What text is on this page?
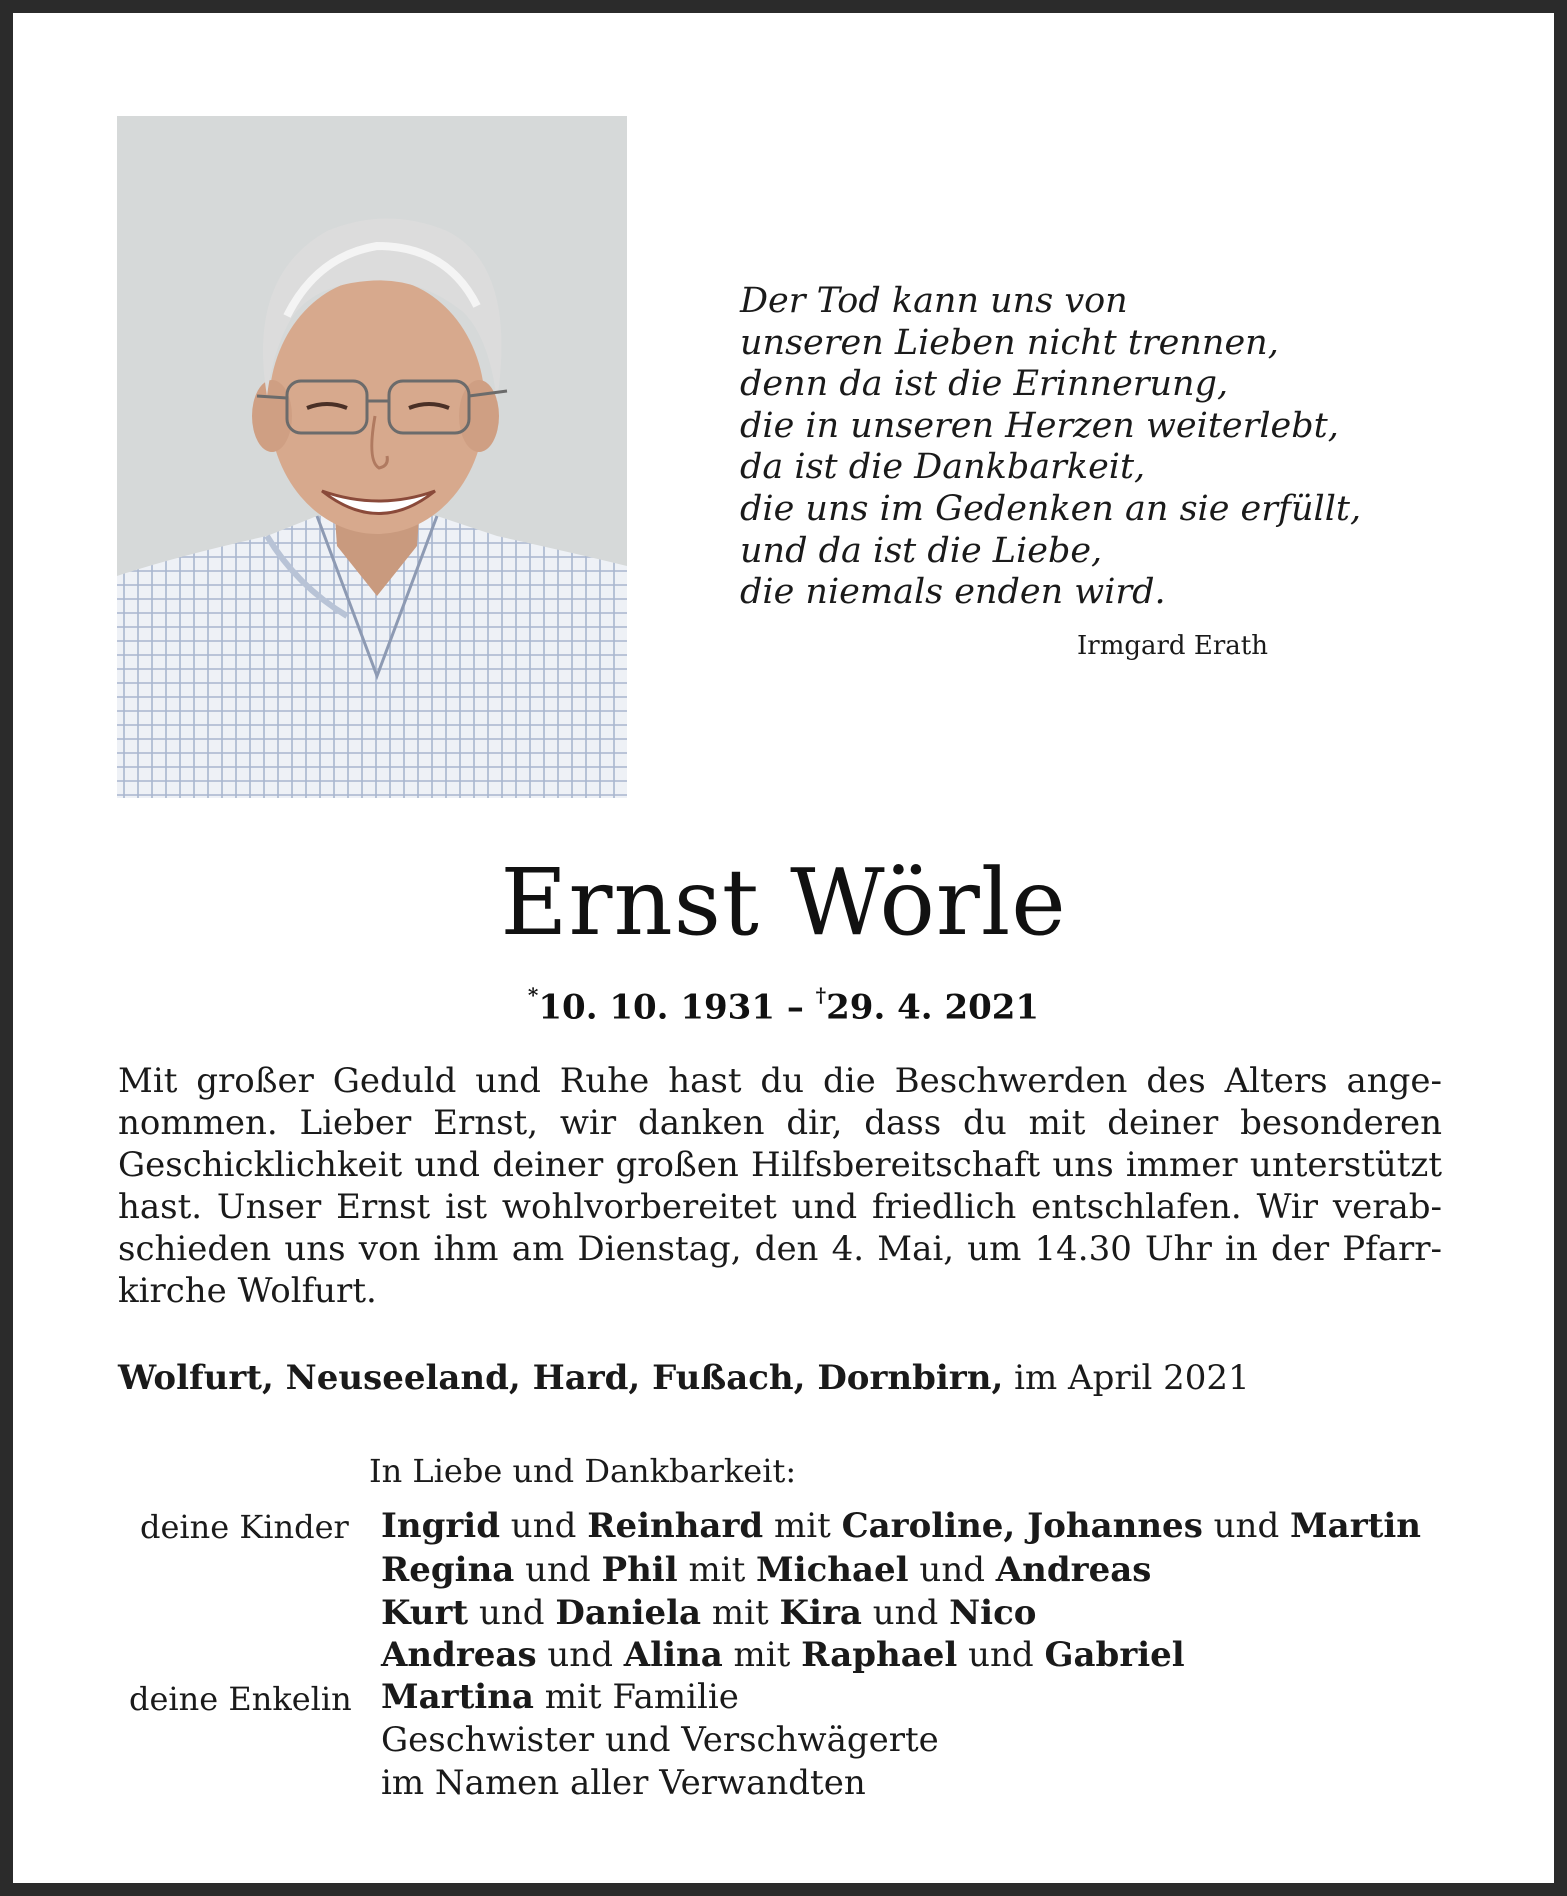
Der Tod kann uns von
unseren Lieben nicht trennen,
denn da ist die Erinnerung,
die in unseren Herzen weiterlebt,
da ist die Dankbarkeit,
die uns im Gedenken an sie erfüllt,
und da ist die Liebe,
die niemals enden wird.
Irmgard Erath
Ernst Wörle
*10. 10. 1931 – †29. 4. 2021
Mit großer Geduld und Ruhe hast du die Beschwerden des Alters ange-
nommen. Lieber Ernst, wir danken dir, dass du mit deiner besonderen
Geschicklichkeit und deiner großen Hilfsbereitschaft uns immer unterstützt
hast. Unser Ernst ist wohlvorbereitet und friedlich entschlafen. Wir verab-
schieden uns von ihm am Dienstag, den 4. Mai, um 14.30 Uhr in der Pfarr-
kirche Wolfurt.
Wolfurt, Neuseeland, Hard, Fußach, Dornbirn, im April 2021
In Liebe und Dankbarkeit:
deine Kinder Ingrid und Reinhard mit Caroline, Johannes und Martin
Regina und Phil mit Michael und Andreas
Kurt und Daniela mit Kira und Nico
Andreas und Alina mit Raphael und Gabriel
deine Enkelin Martina mit Familie
Geschwister und Verschwägerte
im Namen aller Verwandten
